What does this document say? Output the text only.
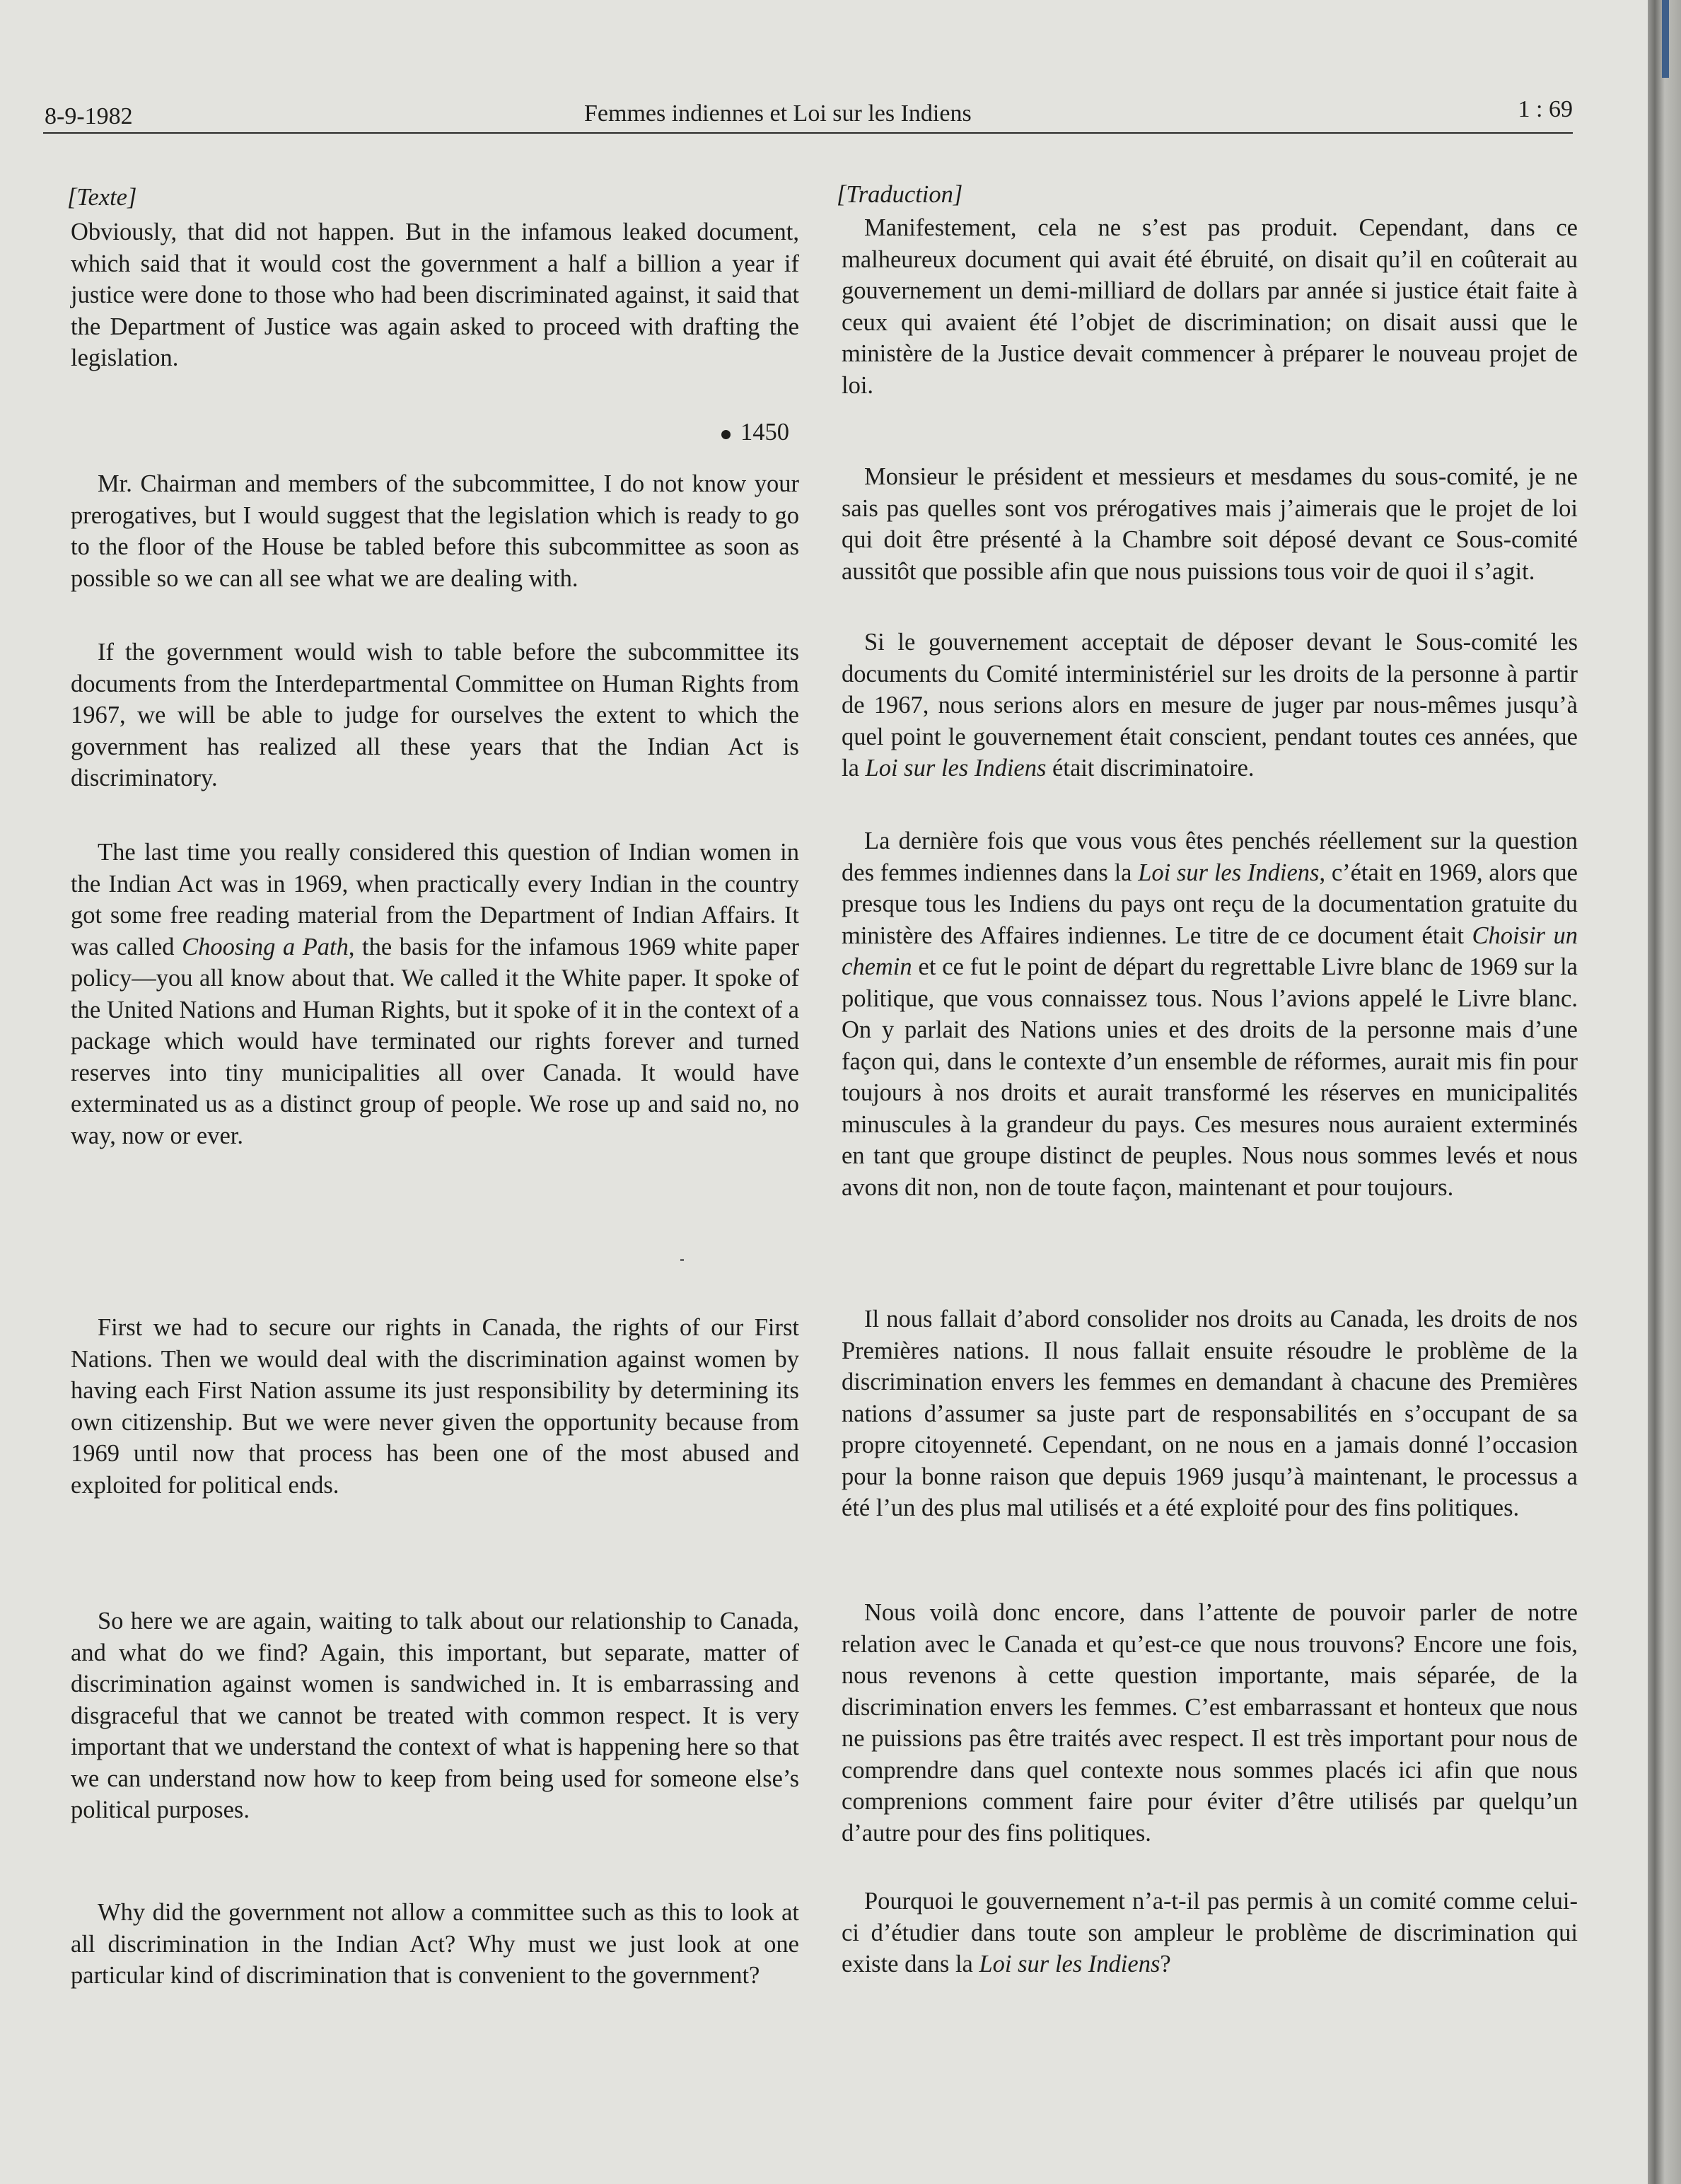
8-9-1982	Femmes indiennes et Loi sur les Indiens	1 : 69

[Texte]

Obviously, that did not happen. But in the infamous leaked document, which said that it would cost the government a half a billion a year if justice were done to those who had been discriminated against, it said that the Department of Justice was again asked to proceed with drafting the legislation.

1450

Mr. Chairman and members of the subcommittee, I do not know your prerogatives, but I would suggest that the legislation which is ready to go to the floor of the House be tabled before this subcommittee as soon as possible so we can all see what we are dealing with.

If the government would wish to table before the subcommittee its documents from the Interdepartmental Committee on Human Rights from 1967, we will be able to judge for ourselves the extent to which the government has realized all these years that the Indian Act is discriminatory.

The last time you really considered this question of Indian women in the Indian Act was in 1969, when practically every Indian in the country got some free reading material from the Department of Indian Affairs. It was called Choosing a Path, the basis for the infamous 1969 white paper policy—you all know about that. We called it the White paper. It spoke of the United Nations and Human Rights, but it spoke of it in the context of a package which would have terminated our rights forever and turned reserves into tiny municipalities all over Canada. It would have exterminated us as a distinct group of people. We rose up and said no, no way, now or ever.

First we had to secure our rights in Canada, the rights of our First Nations. Then we would deal with the discrimination against women by having each First Nation assume its just responsibility by determining its own citizenship. But we were never given the opportunity because from 1969 until now that process has been one of the most abused and exploited for political ends.

So here we are again, waiting to talk about our relationship to Canada, and what do we find? Again, this important, but separate, matter of discrimination against women is sandwiched in. It is embarrassing and disgraceful that we cannot be treated with common respect. It is very important that we understand the context of what is happening here so that we can understand now how to keep from being used for someone else’s political purposes.

Why did the government not allow a committee such as this to look at all discrimination in the Indian Act? Why must we just look at one particular kind of discrimination that is convenient to the government?

[Traduction]

Manifestement, cela ne s’est pas produit. Cependant, dans ce malheureux document qui avait été ébruité, on disait qu’il en coûterait au gouvernement un demi-milliard de dollars par année si justice était faite à ceux qui avaient été l’objet de discrimination; on disait aussi que le ministère de la Justice devait commencer à préparer le nouveau projet de loi.

Monsieur le président et messieurs et mesdames du sous-comité, je ne sais pas quelles sont vos prérogatives mais j’aimerais que le projet de loi qui doit être présenté à la Chambre soit déposé devant ce Sous-comité aussitôt que possible afin que nous puissions tous voir de quoi il s’agit.

Si le gouvernement acceptait de déposer devant le Sous-comité les documents du Comité interministériel sur les droits de la personne à partir de 1967, nous serions alors en mesure de juger par nous-mêmes jusqu’à quel point le gouvernement était conscient, pendant toutes ces années, que la Loi sur les Indiens était discriminatoire.

La dernière fois que vous vous êtes penchés réellement sur la question des femmes indiennes dans la Loi sur les Indiens, c’était en 1969, alors que presque tous les Indiens du pays ont reçu de la documentation gratuite du ministère des Affaires indiennes. Le titre de ce document était Choisir un chemin et ce fut le point de départ du regrettable Livre blanc de 1969 sur la politique, que vous connaissez tous. Nous l’avions appelé le Livre blanc. On y parlait des Nations unies et des droits de la personne mais d’une façon qui, dans le contexte d’un ensemble de réformes, aurait mis fin pour toujours à nos droits et aurait transformé les réserves en municipalités minuscules à la grandeur du pays. Ces mesures nous auraient exterminés en tant que groupe distinct de peuples. Nous nous sommes levés et nous avons dit non, non de toute façon, maintenant et pour toujours.

Il nous fallait d’abord consolider nos droits au Canada, les droits de nos Premières nations. Il nous fallait ensuite résoudre le problème de la discrimination envers les femmes en demandant à chacune des Premières nations d’assumer sa juste part de responsabilités en s’occupant de sa propre citoyenneté. Cependant, on ne nous en a jamais donné l’occasion pour la bonne raison que depuis 1969 jusqu’à maintenant, le processus a été l’un des plus mal utilisés et a été exploité pour des fins politiques.

Nous voilà donc encore, dans l’attente de pouvoir parler de notre relation avec le Canada et qu’est-ce que nous trouvons? Encore une fois, nous revenons à cette question importante, mais séparée, de la discrimination envers les femmes. C’est embarrassant et honteux que nous ne puissions pas être traités avec respect. Il est très important pour nous de comprendre dans quel contexte nous sommes placés ici afin que nous comprenions comment faire pour éviter d’être utilisés par quelqu’un d’autre pour des fins politiques.

Pourquoi le gouvernement n’a-t-il pas permis à un comité comme celui-ci d’étudier dans toute son ampleur le problème de discrimination qui existe dans la Loi sur les Indiens?
